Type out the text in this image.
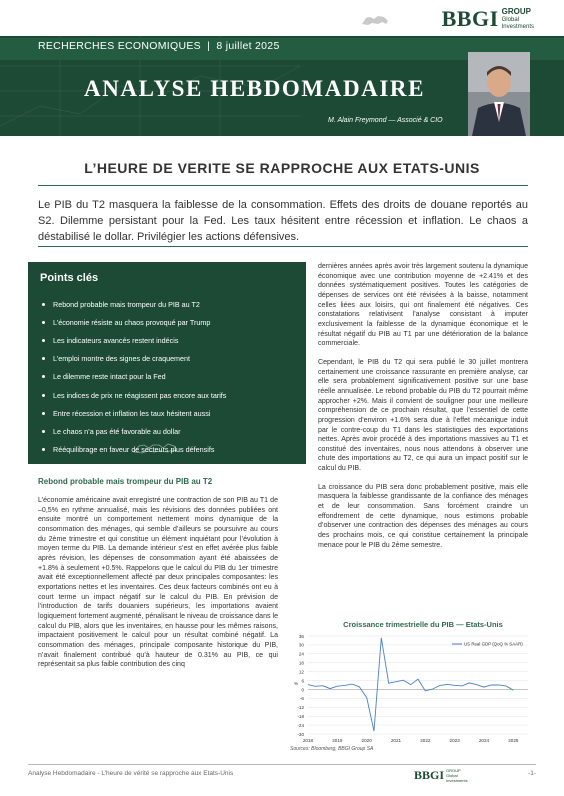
BBGI GROUP
Global
Investments
RECHERCHES ECONOMIQUES | 8 juillet 2025
ANALYSE HEBDOMADAIRE
M. Alain Freymond — Associé & CIO
L’HEURE DE VERITE SE RAPPROCHE AUX ETATS-UNIS
Le PIB du T2 masquera la faiblesse de la consommation. Effets des droits de douane reportés au S2. Dilemme persistant pour la Fed. Les taux hésitent entre récession et inflation. Le chaos a déstabilisé le dollar. Privilégier les actions défensives.
Points clés
Rebond probable mais trompeur du PIB au T2
L’économie résiste au chaos provoqué par Trump
Les indicateurs avancés restent indécis
L’emploi montre des signes de craquement
Le dilemme reste intact pour la Fed
Les indices de prix ne réagissent pas encore aux tarifs
Entre récession et inflation les taux hésitent aussi
Le chaos n’a pas été favorable au dollar
Rééquilibrage en faveur de secteurs plus défensifs
Rebond probable mais trompeur du PIB au T2

L’économie américaine avait enregistré une contraction de son PIB au T1 de –0,5% en rythme annualisé, mais les révisions des données publiées ont ensuite montré un comportement nettement moins dynamique de la consommation des ménages, qui semble d’ailleurs se poursuivre au cours du 2ème trimestre et qui constitue un élément inquiétant pour l’évolution à moyen terme du PIB. La demande intérieur s’est en effet avérée plus faible après révision, les dépenses de consommation ayant été abaissées de +1.8% à seulement +0.5%. Rappelons que le calcul du PIB du 1er trimestre avait été exceptionnellement affecté par deux principales composantes: les exportations nettes et les inventaires. Ces deux facteurs combinés ont eu à court terme un impact négatif sur le calcul du PIB. En prévision de l’introduction de tarifs douaniers supérieurs, les importations avaient logiquement fortement augmenté, pénalisant le niveau de croissance dans le calcul du PIB, alors que les inventaires, en hausse pour les mêmes raisons, impactaient positivement le calcul pour un résultat combiné négatif. La consommation des ménages, principale composante historique du PIB, n’avait finalement contribué qu’à hauteur de 0.31% au PIB, ce qui représentait sa plus faible contribution des cinq

dernières années après avoir très largement soutenu la dynamique économique avec une contribution moyenne de +2.41% et des données systématiquement positives. Toutes les catégories de dépenses de services ont été révisées à la baisse, notamment celles liées aux loisirs, qui ont finalement été négatives. Ces constatations relativisent l’analyse consistant à imputer exclusivement la faiblesse de la dynamique économique et le résultat négatif du PIB au T1 par une détérioration de la balance commerciale.

Cependant, le PIB du T2 qui sera publié le 30 juillet montrera certainement une croissance rassurante en première analyse, car elle sera probablement significativement positive sur une base réelle annualisée. Le rebond probable du PIB du T2 pourrait même approcher +2%. Mais il convient de souligner pour une meilleure compréhension de ce prochain résultat, que l’essentiel de cette progression d’environ +1.6% sera due à l’effet mécanique induit par le contre-coup du T1 dans les statistiques des exportations nettes. Après avoir procédé à des importations massives au T1 et constitué des inventaires, nous nous attendons à observer une chute des importations au T2, ce qui aura un impact positif sur le calcul du PIB.

La croissance du PIB sera donc probablement positive, mais elle masquera la faiblesse grandissante de la confiance des ménages et de leur consommation. Sans forcément craindre un effondrement de cette dynamique, nous estimons probable d’observer une contraction des dépenses des ménages au cours des prochains mois, ce qui constitue certainement la principale menace pour le PIB du 2ème semestre.

Croissance trimestrielle du PIB — Etats-Unis
36
30
24
18
12
6
0
-6
-12
-18
-24
-30
2018	2019	2020	2021	2022	2023	2024	2025
%
US Real GDP (QoQ % SAAR)
Sources: Bloomberg, BBGI Group SA
Analyse Hebdomadaire - L’heure de vérité se rapproche aux Etats-Unis	BBGI GROUP
Global
Investments
-1-
